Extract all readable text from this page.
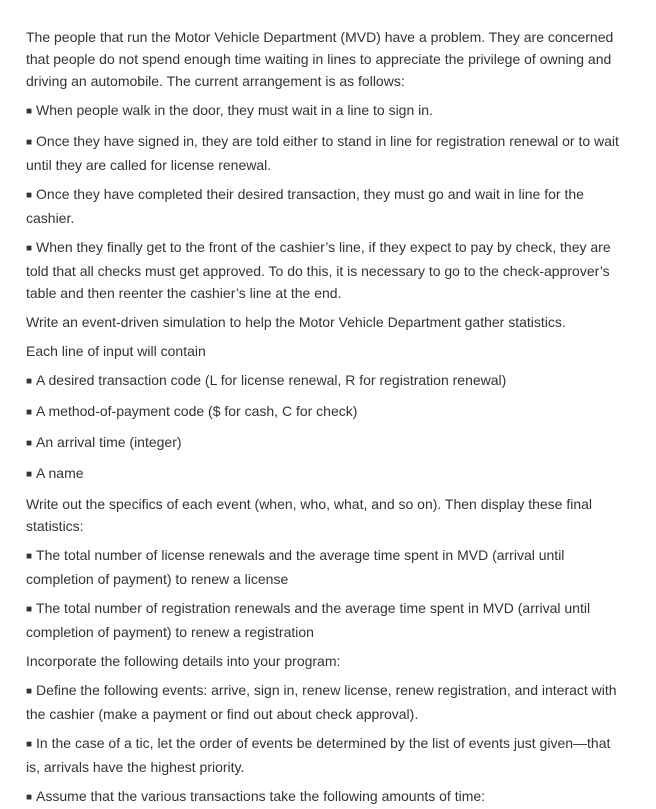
The people that run the Motor Vehicle Department (MVD) have a problem. They are concerned that people do not spend enough time waiting in lines to appreciate the privilege of owning and driving an automobile. The current arrangement is as follows:

■ When people walk in the door, they must wait in a line to sign in.

■ Once they have signed in, they are told either to stand in line for registration renewal or to wait until they are called for license renewal.

■ Once they have completed their desired transaction, they must go and wait in line for the cashier.

■ When they finally get to the front of the cashier’s line, if they expect to pay by check, they are told that all checks must get approved. To do this, it is necessary to go to the check-approver’s table and then reenter the cashier’s line at the end.

Write an event-driven simulation to help the Motor Vehicle Department gather statistics.

Each line of input will contain

■ A desired transaction code (L for license renewal, R for registration renewal)

■ A method-of-payment code ($ for cash, C for check)

■ An arrival time (integer)

■ A name

Write out the specifics of each event (when, who, what, and so on). Then display these final statistics:

■ The total number of license renewals and the average time spent in MVD (arrival until completion of payment) to renew a license

■ The total number of registration renewals and the average time spent in MVD (arrival until completion of payment) to renew a registration

Incorporate the following details into your program:

■ Define the following events: arrive, sign in, renew license, renew registration, and interact with the cashier (make a payment or find out about check approval).

■ In the case of a tic, let the order of events be determined by the list of events just given—that is, arrivals have the highest priority.

■ Assume that the various transactions take the following amounts of time:
